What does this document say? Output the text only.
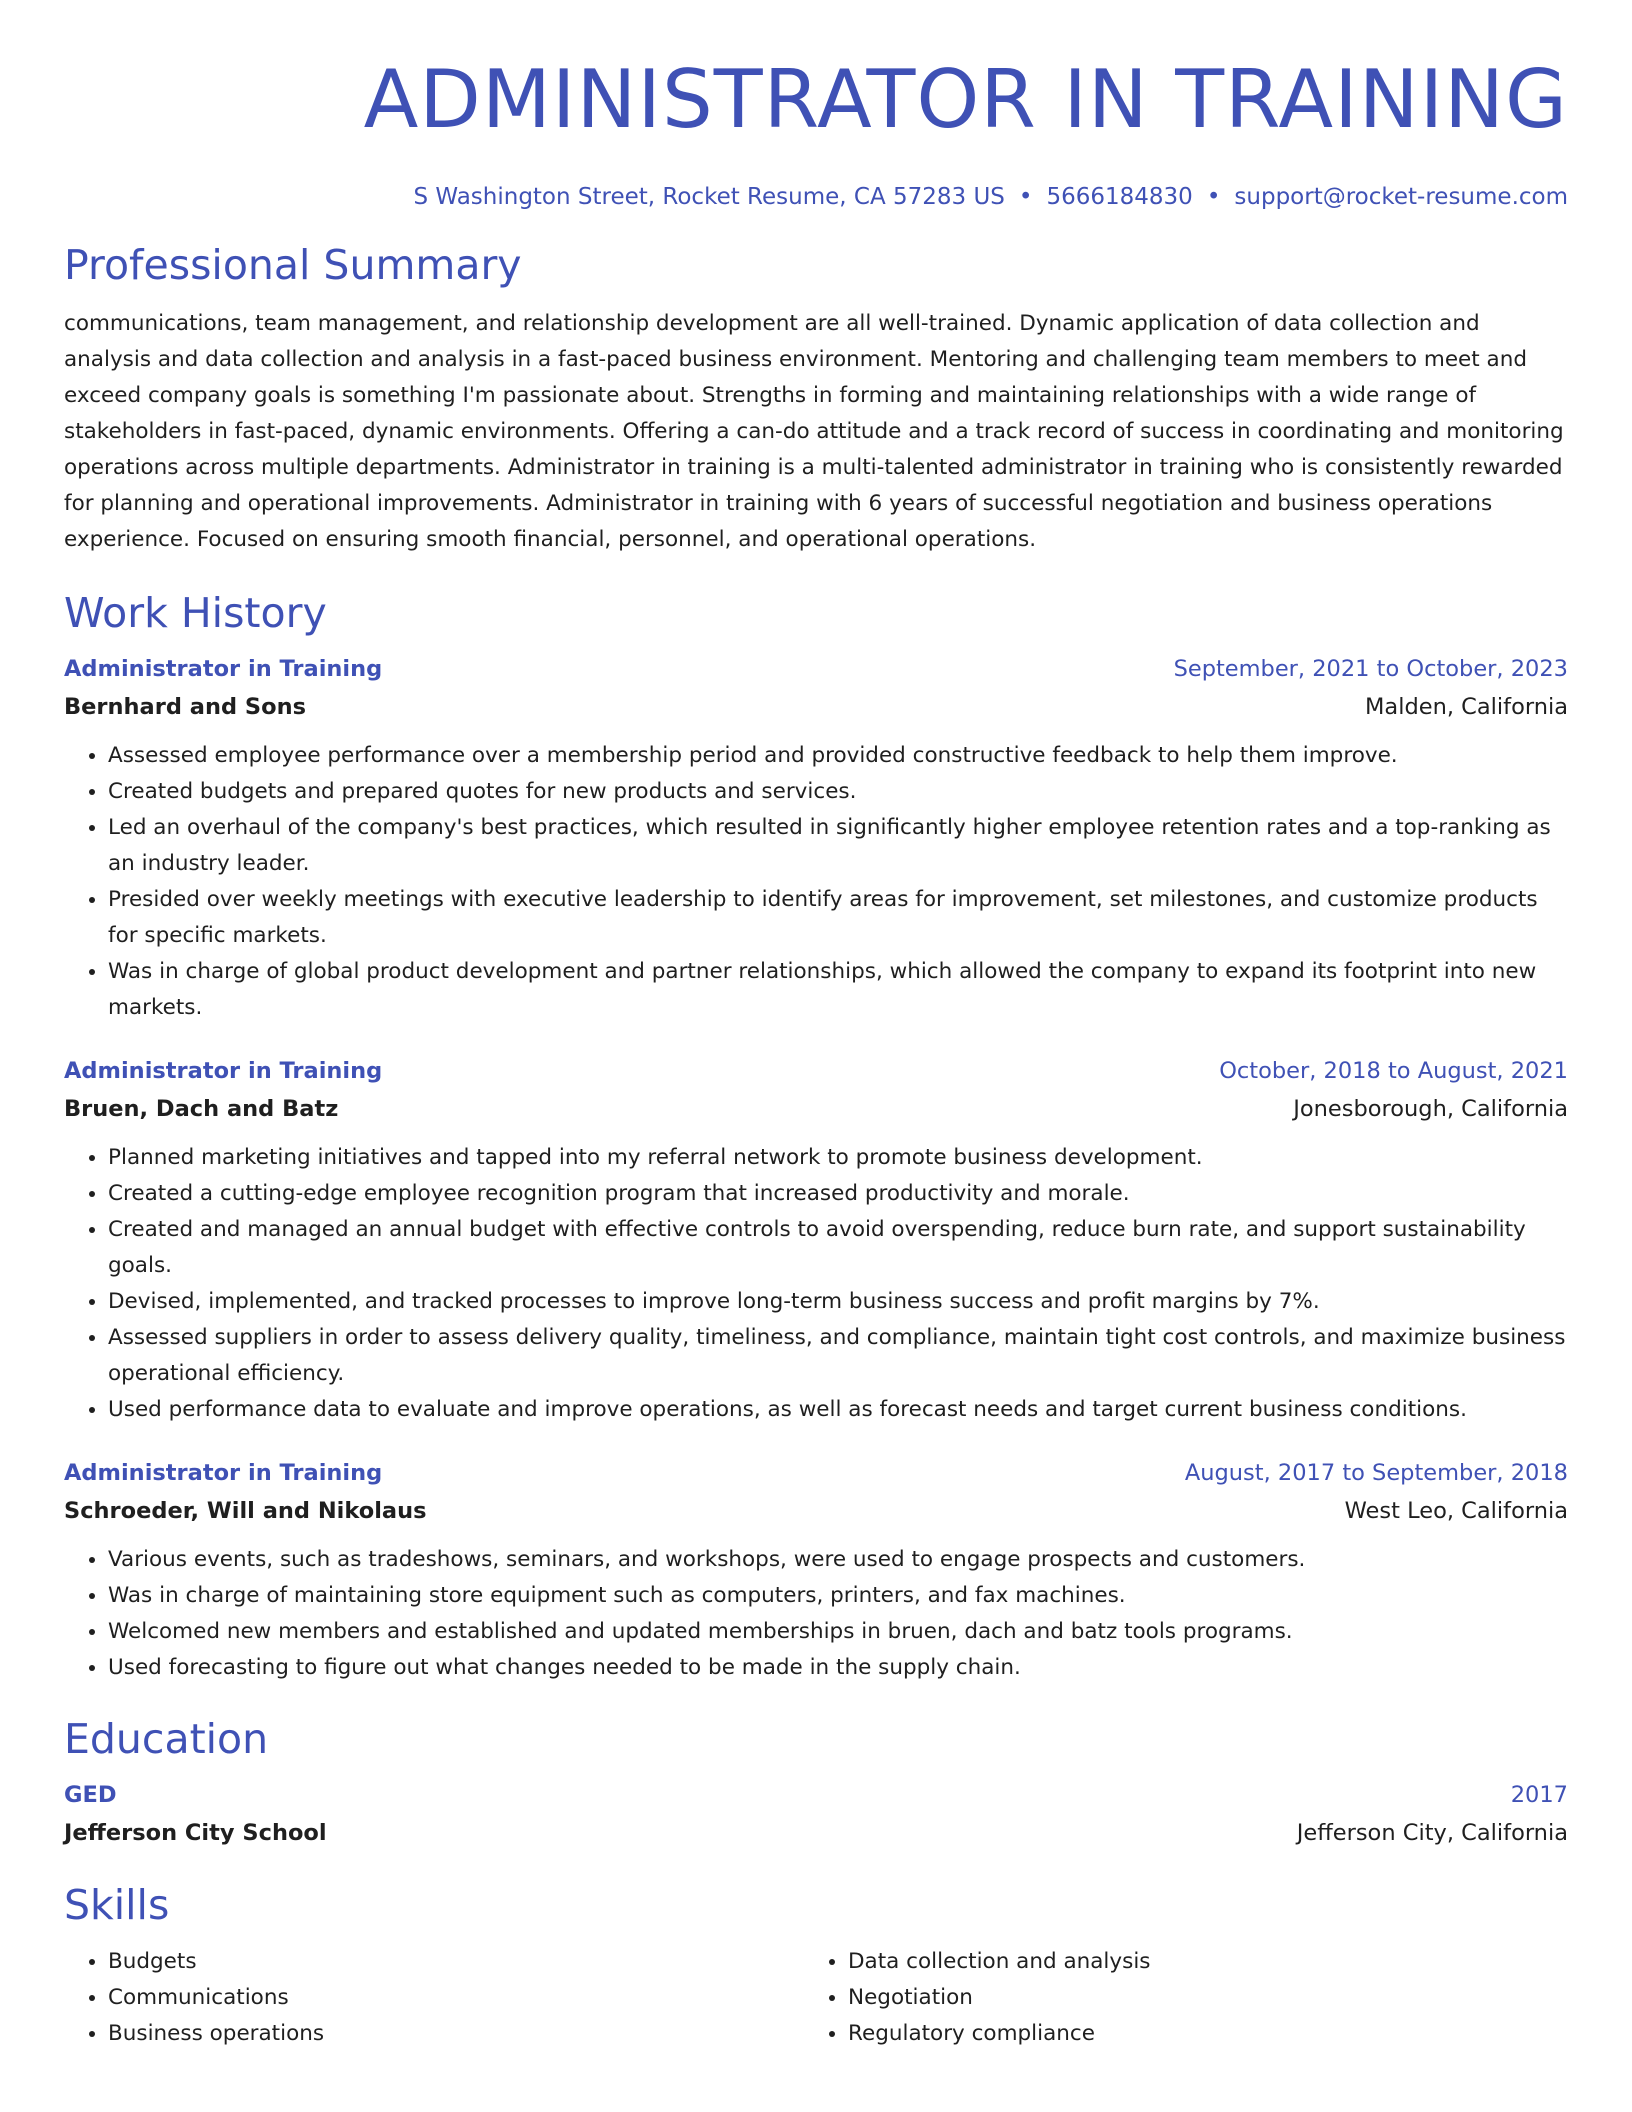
ADMINISTRATOR IN TRAINING
S Washington Street, Rocket Resume, CA 57283 US • 5666184830 • support@rocket-resume.com
Professional Summary

communications, team management, and relationship development are all well-trained. Dynamic application of data collection and analysis and data collection and analysis in a fast-paced business environment. Mentoring and challenging team members to meet and exceed company goals is something I'm passionate about. Strengths in forming and maintaining relationships with a wide range of stakeholders in fast-paced, dynamic environments. Offering a can-do attitude and a track record of success in coordinating and monitoring operations across multiple departments. Administrator in training is a multi-talented administrator in training who is consistently rewarded for planning and operational improvements. Administrator in training with 6 years of successful negotiation and business operations experience. Focused on ensuring smooth financial, personnel, and operational operations.

Work History
Administrator in Training	September, 2021 to October, 2023
Bernhard and Sons	Malden, California
• Assessed employee performance over a membership period and provided constructive feedback to help them improve.
• Created budgets and prepared quotes for new products and services.
• Led an overhaul of the company's best practices, which resulted in significantly higher employee retention rates and a top-ranking as an industry leader.
• Presided over weekly meetings with executive leadership to identify areas for improvement, set milestones, and customize products for specific markets.
• Was in charge of global product development and partner relationships, which allowed the company to expand its footprint into new markets.
Administrator in Training	October, 2018 to August, 2021
Bruen, Dach and Batz	Jonesborough, California
• Planned marketing initiatives and tapped into my referral network to promote business development.
• Created a cutting-edge employee recognition program that increased productivity and morale.
• Created and managed an annual budget with effective controls to avoid overspending, reduce burn rate, and support sustainability goals.
• Devised, implemented, and tracked processes to improve long-term business success and profit margins by 7%.
• Assessed suppliers in order to assess delivery quality, timeliness, and compliance, maintain tight cost controls, and maximize business operational efficiency.
• Used performance data to evaluate and improve operations, as well as forecast needs and target current business conditions.
Administrator in Training	August, 2017 to September, 2018
Schroeder, Will and Nikolaus	West Leo, California
• Various events, such as tradeshows, seminars, and workshops, were used to engage prospects and customers.
• Was in charge of maintaining store equipment such as computers, printers, and fax machines.
• Welcomed new members and established and updated memberships in bruen, dach and batz tools programs.
• Used forecasting to figure out what changes needed to be made in the supply chain.
Education
GED	2017
Jefferson City School	Jefferson City, California
Skills
• Budgets
• Communications
• Business operations
• Data collection and analysis
• Negotiation
• Regulatory compliance
